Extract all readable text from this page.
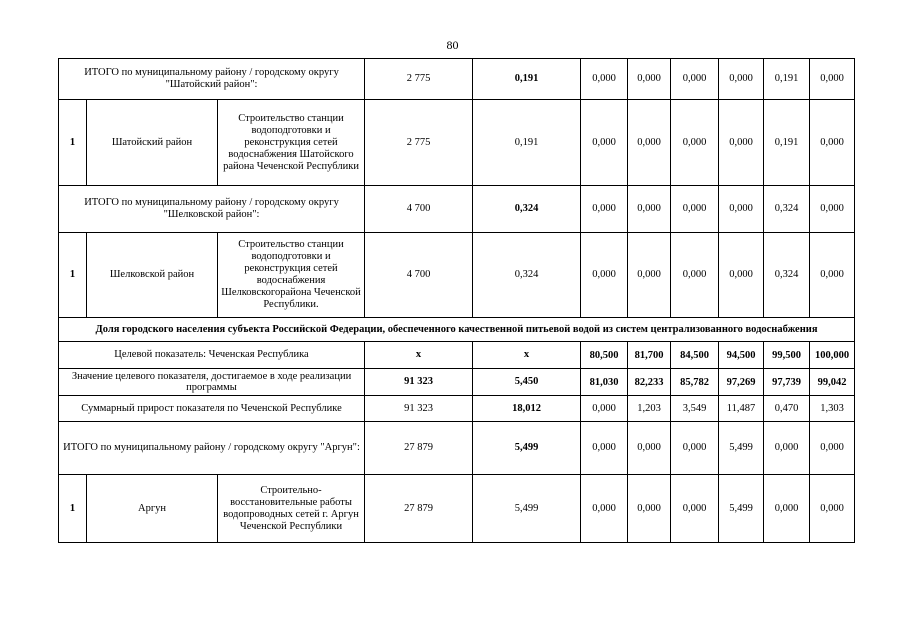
80
ИТОГО по муниципальному району / городскому округу "Шатойский район":			2 775	0,191	0,000	0,000	0,000	0,000	0,191	0,000
1	Шатойский район	Строительство станции водоподготовки и реконструкция сетей водоснабжения Шатойского района Чеченской Республики	2 775	0,191	0,000	0,000	0,000	0,000	0,191	0,000
ИТОГО по муниципальному району / городскому округу "Шелковской район":			4 700	0,324	0,000	0,000	0,000	0,000	0,324	0,000
1	Шелковской район	Строительство станции водоподготовки и реконструкция сетей водоснабжения Шелковскогорайона Чеченской Республики.	4 700	0,324	0,000	0,000	0,000	0,000	0,324	0,000
Доля городского населения субъекта Российской Федерации, обеспеченного качественной питьевой водой из систем централизованного водоснабжения										
Целевой показатель: Чеченская Республика			x	x	80,500	81,700	84,500	94,500	99,500	100,000
Значение целевого показателя, достигаемое в ходе реализации программы			91 323	5,450	81,030	82,233	85,782	97,269	97,739	99,042
Суммарный прирост показателя по Чеченской Республике			91 323	18,012	0,000	1,203	3,549	11,487	0,470	1,303
ИТОГО по муниципальному району / городскому округу "Аргун":			27 879	5,499	0,000	0,000	0,000	5,499	0,000	0,000
1	Аргун	Строительно-восстановительные работы водопроводных сетей г. Аргун Чеченской Республики	27 879	5,499	0,000	0,000	0,000	5,499	0,000	0,000
